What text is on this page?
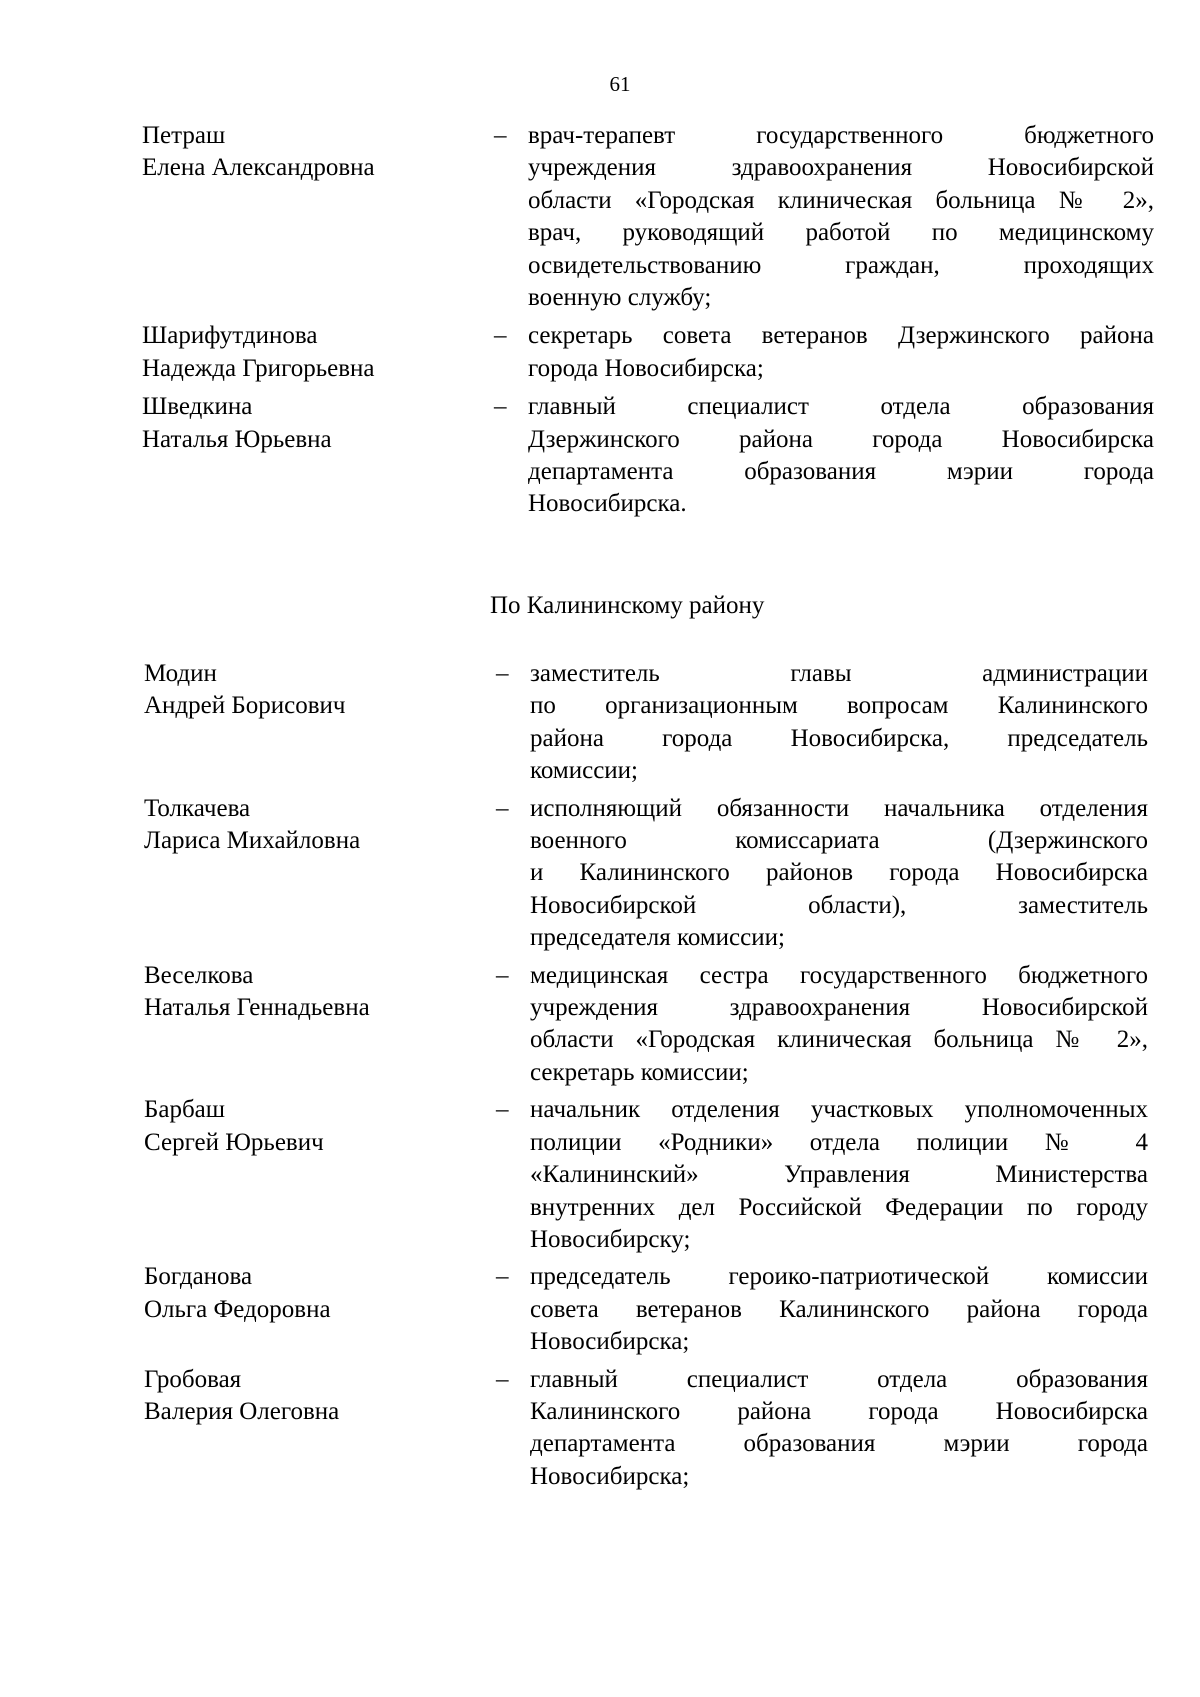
61
Петраш
Елена Александровна
– врач-терапевт государственного бюджетного
учреждения здравоохранения Новосибирской
области «Городская клиническая больница № 2»,
врач, руководящий работой по медицинскому
освидетельствованию граждан, проходящих
военную службу;
Шарифутдинова
Надежда Григорьевна
– секретарь совета ветеранов Дзержинского района
города Новосибирска;
Шведкина
Наталья Юрьевна
– главный специалист отдела образования
Дзержинского района города Новосибирска
департамента образования мэрии города
Новосибирска.
По Калининскому району
Модин
Андрей Борисович
– заместитель главы администрации
по организационным вопросам Калининского
района города Новосибирска, председатель
комиссии;
Толкачева
Лариса Михайловна
– исполняющий обязанности начальника отделения
военного комиссариата (Дзержинского
и Калининского районов города Новосибирска
Новосибирской области), заместитель
председателя комиссии;
Веселкова
Наталья Геннадьевна
– медицинская сестра государственного бюджетного
учреждения здравоохранения Новосибирской
области «Городская клиническая больница № 2»,
секретарь комиссии;
Барбаш
Сергей Юрьевич
– начальник отделения участковых уполномоченных
полиции «Родники» отдела полиции № 4
«Калининский» Управления Министерства
внутренних дел Российской Федерации по городу
Новосибирску;
Богданова
Ольга Федоровна
– председатель героико-патриотической комиссии
совета ветеранов Калининского района города
Новосибирска;
Гробовая
Валерия Олеговна
– главный специалист отдела образования
Калининского района города Новосибирска
департамента образования мэрии города
Новосибирска;
